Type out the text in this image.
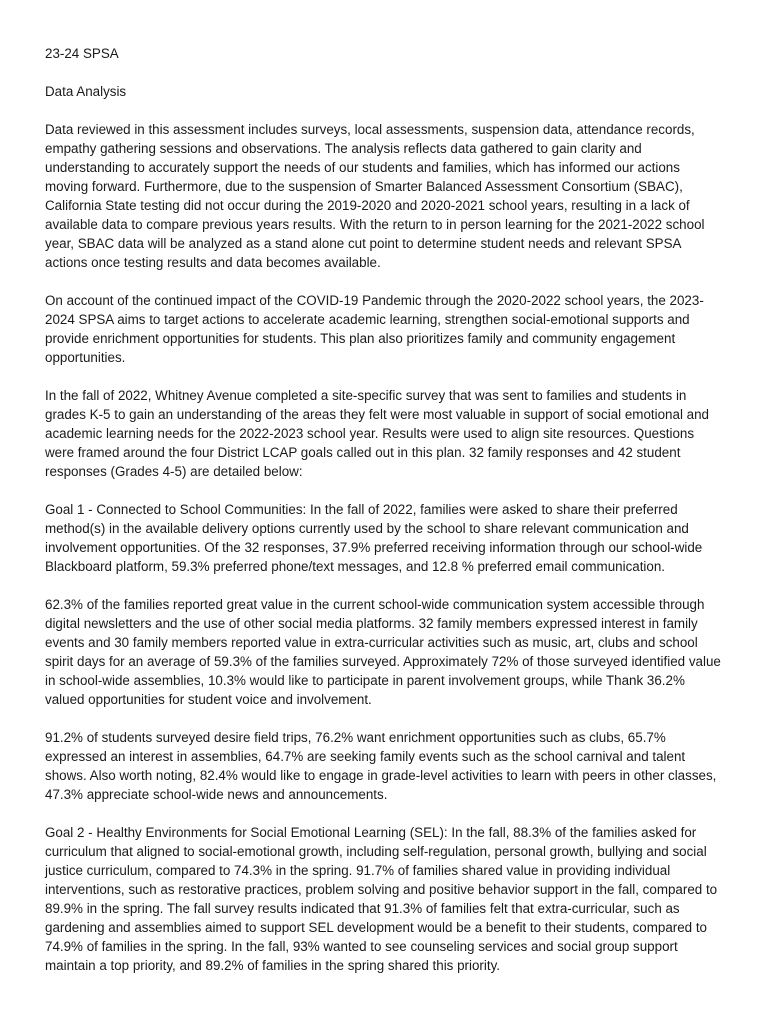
23-24 SPSA
Data Analysis

Data reviewed in this assessment includes surveys, local assessments, suspension data, attendance records, empathy gathering sessions and observations. The analysis reflects data gathered to gain clarity and understanding to accurately support the needs of our students and families, which has informed our actions moving forward. Furthermore, due to the suspension of Smarter Balanced Assessment Consortium (SBAC), California State testing did not occur during the 2019-2020 and 2020-2021 school years, resulting in a lack of available data to compare previous years results. With the return to in person learning for the 2021-2022 school year, SBAC data will be analyzed as a stand alone cut point to determine student needs and relevant SPSA actions once testing results and data becomes available.

On account of the continued impact of the COVID-19 Pandemic through the 2020-2022 school years, the 2023-2024 SPSA aims to target actions to accelerate academic learning, strengthen social-emotional supports and provide enrichment opportunities for students. This plan also prioritizes family and community engagement opportunities.

In the fall of 2022, Whitney Avenue completed a site-specific survey that was sent to families and students in grades K-5 to gain an understanding of the areas they felt were most valuable in support of social emotional and academic learning needs for the 2022-2023 school year. Results were used to align site resources. Questions were framed around the four District LCAP goals called out in this plan. 32 family responses and 42 student responses (Grades 4-5) are detailed below:

Goal 1 - Connected to School Communities: In the fall of 2022, families were asked to share their preferred method(s) in the available delivery options currently used by the school to share relevant communication and involvement opportunities. Of the 32 responses, 37.9% preferred receiving information through our school-wide Blackboard platform, 59.3% preferred phone/text messages, and 12.8 % preferred email communication.

62.3% of the families reported great value in the current school-wide communication system accessible through digital newsletters and the use of other social media platforms. 32 family members expressed interest in family events and 30 family members reported value in extra-curricular activities such as music, art, clubs and school spirit days for an average of 59.3% of the families surveyed. Approximately 72% of those surveyed identified value in school-wide assemblies, 10.3% would like to participate in parent involvement groups, while Thank 36.2% valued opportunities for student voice and involvement.

91.2% of students surveyed desire field trips, 76.2% want enrichment opportunities such as clubs, 65.7% expressed an interest in assemblies, 64.7% are seeking family events such as the school carnival and talent shows. Also worth noting, 82.4% would like to engage in grade-level activities to learn with peers in other classes, 47.3% appreciate school-wide news and announcements.

Goal 2 - Healthy Environments for Social Emotional Learning (SEL): In the fall, 88.3% of the families asked for curriculum that aligned to social-emotional growth, including self-regulation, personal growth, bullying and social justice curriculum, compared to 74.3% in the spring. 91.7% of families shared value in providing individual interventions, such as restorative practices, problem solving and positive behavior support in the fall, compared to 89.9% in the spring. The fall survey results indicated that 91.3% of families felt that extra-curricular, such as gardening and assemblies aimed to support SEL development would be a benefit to their students, compared to 74.9% of families in the spring. In the fall, 93% wanted to see counseling services and social group support maintain a top priority, and 89.2% of families in the spring shared this priority.
